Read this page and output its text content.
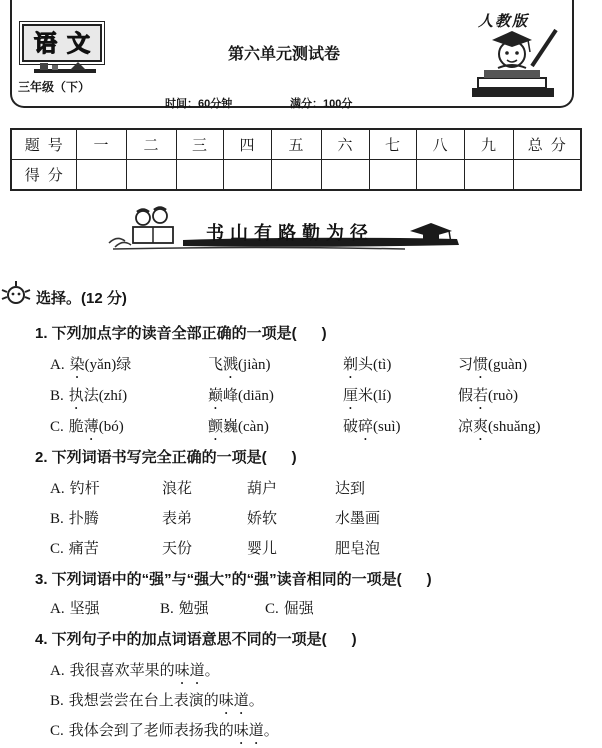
语文
三年级（下）
第六单元测试卷
时间：60分钟	满分：100分
人教版
题号	一	二	三	四	五	六	七	八	九	总分
得分										
书山有路勤为径
选择。(12 分)
1. 下列加点字的读音全部正确的一项是(      )
A. 染(yǎn)绿	飞溅(jiàn)	剃头(tì)	习惯(guàn)
B. 执法(zhí)	巅峰(diān)	厘米(lí)	假若(ruò)
C. 脆薄(bó)	颤巍(càn)	破碎(suì)	凉爽(shuǎng)
2. 下列词语书写完全正确的一项是(      )
A. 钓杆	浪花	葫户	达到
B. 扑腾	表弟	娇软	水墨画
C. 痛苦	天份	婴儿	肥皂泡
3. 下列词语中的“强”与“强大”的“强”读音相同的一项是(      )
A. 坚强	B. 勉强	C. 倔强
4. 下列句子中的加点词语意思不同的一项是(      )
A. 我很喜欢苹果的味道。
B. 我想尝尝在台上表演的味道。
C. 我体会到了老师表扬我的味道。
